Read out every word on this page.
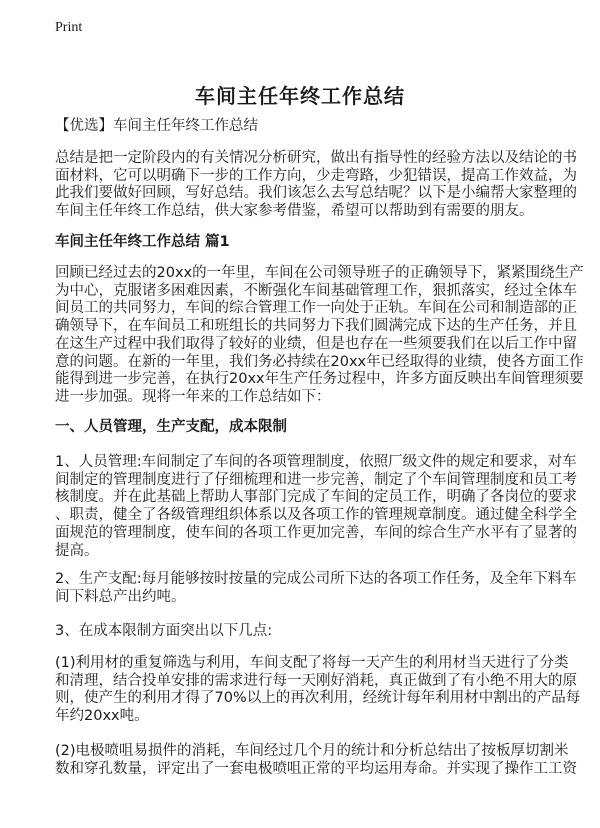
Print
车间主任年终工作总结
【优选】车间主任年终工作总结
总结是把一定阶段内的有关情况分析研究，做出有指导性的经验方法以及结论的书
面材料，它可以明确下一步的工作方向，少走弯路，少犯错误，提高工作效益，为
此我们要做好回顾，写好总结。我们该怎么去写总结呢？以下是小编帮大家整理的
车间主任年终工作总结，供大家参考借鉴，希望可以帮助到有需要的朋友。
车间主任年终工作总结 篇1
回顾已经过去的20xx的一年里，车间在公司领导班子的正确领导下，紧紧围绕生产
为中心，克服诸多困难因素，不断强化车间基础管理工作，狠抓落实，经过全体车
间员工的共同努力，车间的综合管理工作一向处于正轨。车间在公司和制造部的正
确领导下，在车间员工和班组长的共同努力下我们圆满完成下达的生产任务，并且
在这生产过程中我们取得了较好的业绩，但是也存在一些须要我们在以后工作中留
意的问题。在新的一年里，我们务必持续在20xx年已经取得的业绩，使各方面工作
能得到进一步完善，在执行20xx年生产任务过程中，许多方面反映出车间管理须要
进一步加强。现将一年来的工作总结如下：
一、人员管理，生产支配，成本限制
1、人员管理:车间制定了车间的各项管理制度，依照厂级文件的规定和要求，对车
间制定的管理制度进行了仔细梳理和进一步完善，制定了个车间管理制度和员工考
核制度。并在此基础上帮助人事部门完成了车间的定员工作，明确了各岗位的要求
、职责，健全了各级管理组织体系以及各项工作的管理规章制度。通过健全科学全
面规范的管理制度，使车间的各项工作更加完善，车间的综合生产水平有了显著的
提高。
2、生产支配:每月能够按时按量的完成公司所下达的各项工作任务，及全年下料车
间下料总产出约吨。
3、在成本限制方面突出以下几点:
(1)利用材的重复筛选与利用，车间支配了将每一天产生的利用材当天进行了分类
和清理，结合投单安排的需求进行每一天刚好消耗，真正做到了有小绝不用大的原
则，使产生的利用才得了70%以上的再次利用，经统计每年利用材中割出的产品每
年约20xx吨。
(2)电极喷咀易损件的消耗，车间经过几个月的统计和分析总结出了按板厚切割米
数和穿孔数量，评定出了一套电极喷咀正常的平均运用寿命。并实现了操作工工资
